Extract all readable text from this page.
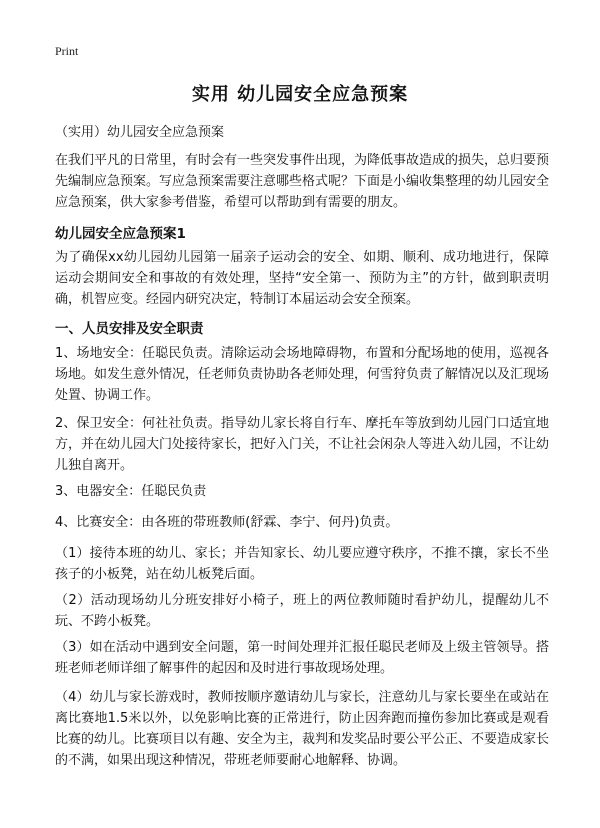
Print
实用 幼儿园安全应急预案
（实用）幼儿园安全应急预案

在我们平凡的日常里，有时会有一些突发事件出现，为降低事故造成的损失，总归要预先编制应急预案。写应急预案需要注意哪些格式呢？下面是小编收集整理的幼儿园安全应急预案，供大家参考借鉴，希望可以帮助到有需要的朋友。

幼儿园安全应急预案1

为了确保xx幼儿园幼儿园第一届亲子运动会的安全、如期、顺利、成功地进行，保障运动会期间安全和事故的有效处理，坚持“安全第一、预防为主”的方针，做到职责明确，机智应变。经园内研究决定，特制订本届运动会安全预案。

一、人员安排及安全职责

1、场地安全：任聪民负责。清除运动会场地障碍物，布置和分配场地的使用，巡视各场地。如发生意外情况，任老师负责协助各老师处理，何雪狩负责了解情况以及汇现场处置、协调工作。

2、保卫安全：何社社负责。指导幼儿家长将自行车、摩托车等放到幼儿园门口适宜地方，并在幼儿园大门处接待家长，把好入门关，不让社会闲杂人等进入幼儿园，不让幼儿独自离开。

3、电器安全：任聪民负责

4、比赛安全：由各班的带班教师(舒霖、李宁、何丹)负责。

（1）接待本班的幼儿、家长；并告知家长、幼儿要应遵守秩序，不推不攘，家长不坐孩子的小板凳，站在幼儿板凳后面。

（2）活动现场幼儿分班安排好小椅子，班上的两位教师随时看护幼儿，提醒幼儿不玩、不跨小板凳。

（3）如在活动中遇到安全问题，第一时间处理并汇报任聪民老师及上级主管领导。搭班老师老师详细了解事件的起因和及时进行事故现场处理。

（4）幼儿与家长游戏时，教师按顺序邀请幼儿与家长，注意幼儿与家长要坐在或站在离比赛地1.5米以外，以免影响比赛的正常进行，防止因奔跑而撞伤参加比赛或是观看比赛的幼儿。比赛项目以有趣、安全为主，裁判和发奖品时要公平公正、不要造成家长的不满，如果出现这种情况，带班老师要耐心地解释、协调。
